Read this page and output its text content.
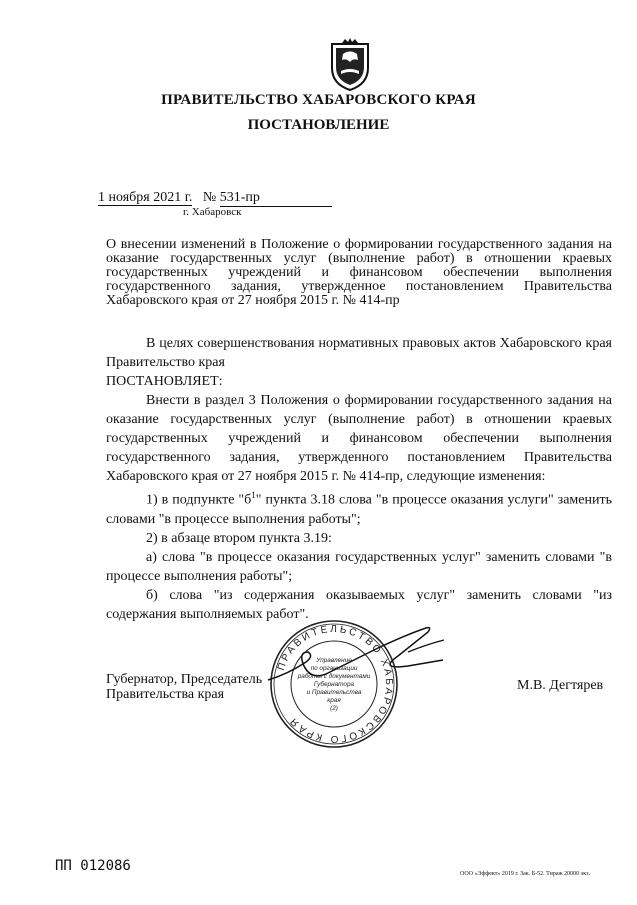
ПРАВИТЕЛЬСТВО ХАБАРОВСКОГО КРАЯ
ПОСТАНОВЛЕНИЕ
1 ноября 2021 г. № 531-пр
г. Хабаровск
О внесении изменений в Положение о формировании государственного задания на оказание государственных услуг (выполнение работ) в отношении краевых государственных учреждений и финансовом обеспечении выполнения государственного задания, утвержденное постановлением Правительства Хабаровского края от 27 ноября 2015 г. № 414-пр

В целях совершенствования нормативных правовых актов Хабаровского края Правительство края

ПОСТАНОВЛЯЕТ:

Внести в раздел 3 Положения о формировании государственного задания на оказание государственных услуг (выполнение работ) в отношении краевых государственных учреждений и финансовом обеспечении выполнения государственного задания, утвержденного постановлением Правительства Хабаровского края от 27 ноября 2015 г. № 414-пр, следующие изменения:

1) в подпункте "$б^1$" пункта 3.18 слова "в процессе оказания услуги" заменить словами "в процессе выполнения работы";

2) в абзаце втором пункта 3.19:

а) слова "в процессе оказания государственных услуг" заменить словами "в процессе выполнения работы";

б) слова "из содержания оказываемых услуг" заменить словами "из содержания выполняемых работ".

Губернатор, Председатель
Правительства края
М.В. Дегтярев
ПРАВИТЕЛЬСТВО ХАБАРОВСКОГО КРАЯ
Управление
по организации
работы с документами
Губернатора
и Правительства
края
(2)
ПП 012086	ООО «Эффект» 2019 г. Зак. Б-52. Тираж 20000 экз.
